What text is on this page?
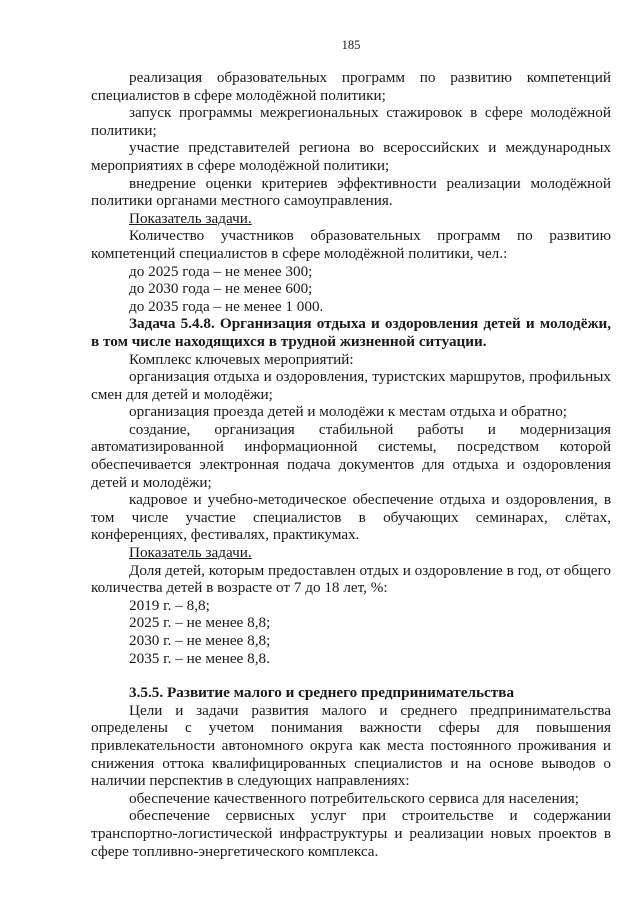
185

реализация образовательных программ по развитию компетенций специалистов в сфере молодёжной политики;

запуск программы межрегиональных стажировок в сфере молодёжной политики;

участие представителей региона во всероссийских и международных мероприятиях в сфере молодёжной политики;

внедрение оценки критериев эффективности реализации молодёжной политики органами местного самоуправления.

Показатель задачи.

Количество участников образовательных программ по развитию компетенций специалистов в сфере молодёжной политики, чел.:

до 2025 года – не менее 300;

до 2030 года – не менее 600;

до 2035 года – не менее 1 000.

Задача 5.4.8. Организация отдыха и оздоровления детей и молодёжи, в том числе находящихся в трудной жизненной ситуации.

Комплекс ключевых мероприятий:

организация отдыха и оздоровления, туристских маршрутов, профильных смен для детей и молодёжи;

организация проезда детей и молодёжи к местам отдыха и обратно;

создание, организация стабильной работы и модернизация автоматизированной информационной системы, посредством которой обеспечивается электронная подача документов для отдыха и оздоровления детей и молодёжи;

кадровое и учебно-методическое обеспечение отдыха и оздоровления, в том числе участие специалистов в обучающих семинарах, слётах, конференциях, фестивалях, практикумах.

Показатель задачи.

Доля детей, которым предоставлен отдых и оздоровление в год, от общего количества детей в возрасте от 7 до 18 лет, %:

2019 г. – 8,8;

2025 г. – не менее 8,8;

2030 г. – не менее 8,8;

2035 г. – не менее 8,8.

3.5.5. Развитие малого и среднего предпринимательства

Цели и задачи развития малого и среднего предпринимательства определены с учетом понимания важности сферы для повышения привлекательности автономного округа как места постоянного проживания и снижения оттока квалифицированных специалистов и на основе выводов о наличии перспектив в следующих направлениях:

обеспечение качественного потребительского сервиса для населения;

обеспечение сервисных услуг при строительстве и содержании транспортно-логистической инфраструктуры и реализации новых проектов в сфере топливно-энергетического комплекса.
